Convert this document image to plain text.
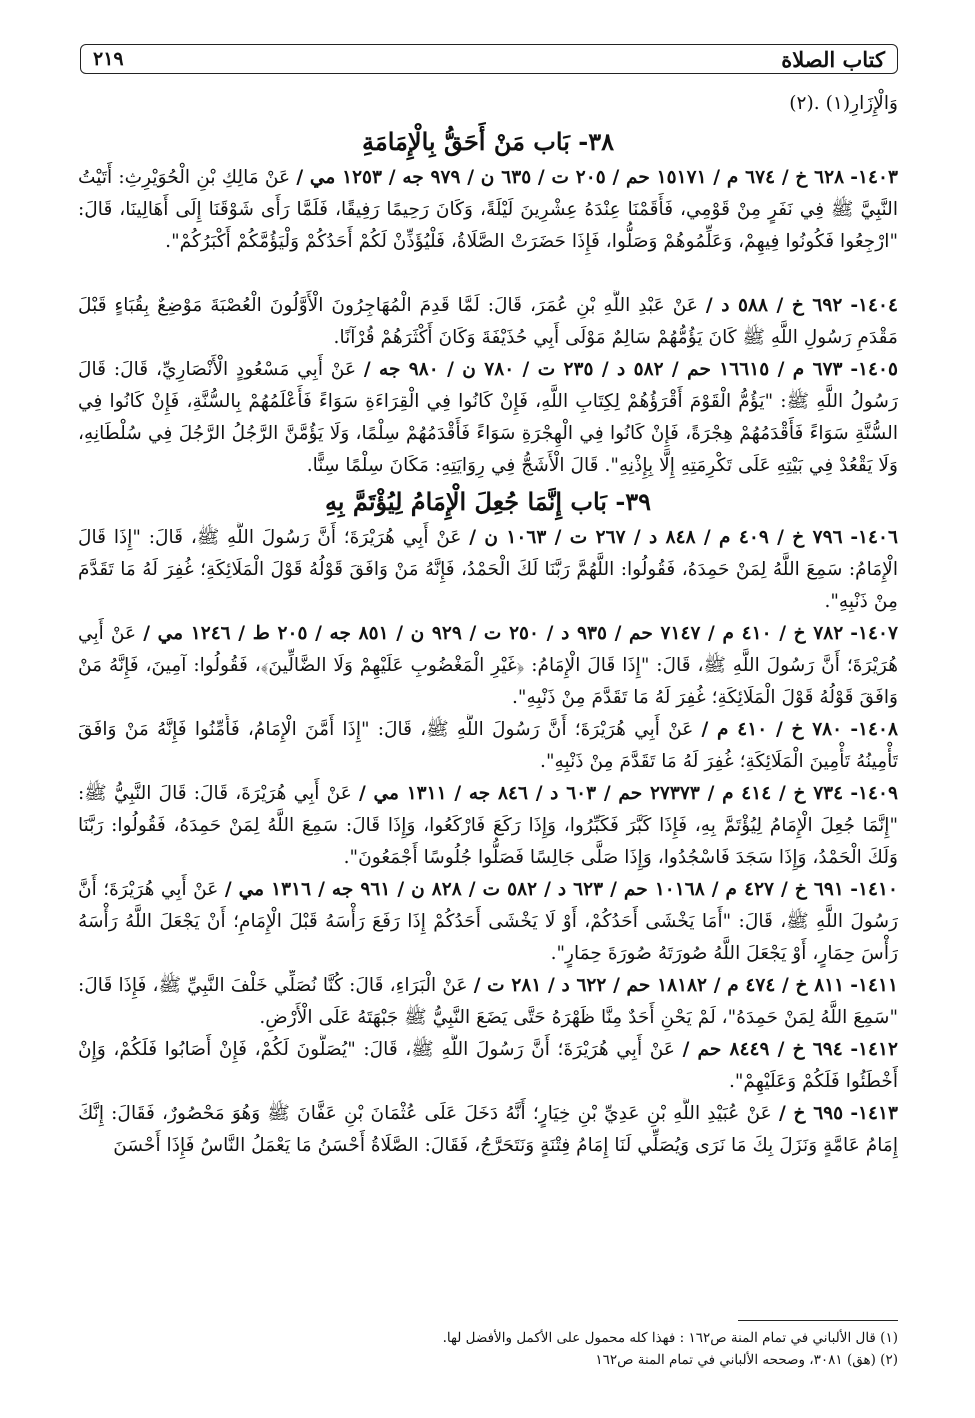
٢١٩	كتاب الصلاة

وَالْإِزَارِ(١) .(٢)

٣٨- بَاب مَنْ أَحَقُّ بِالْإِمَامَةِ

١٤٠٣- ٦٢٨ خ / ٦٧٤ م / ١٥١٧١ حم / ٢٠٥ ت / ٦٣٥ ن / ٩٧٩ جه / ١٢٥٣ مي / عَنْ مَالِكِ بْنِ الْحُوَيْرِثِ: أَتَيْتُ النَّبِيَّ ﷺ فِي نَفَرٍ مِنْ قَوْمِي، فَأَقَمْنَا عِنْدَهُ عِشْرِينَ لَيْلَةً، وَكَانَ رَحِيمًا رَفِيقًا، فَلَمَّا رَأَى شَوْقَنَا إِلَى أَهَالِينَا، قَالَ: "ارْجِعُوا فَكُونُوا فِيهِمْ، وَعَلِّمُوهُمْ وَصَلُّوا، فَإِذَا حَضَرَتْ الصَّلَاةُ، فَلْيُؤَذِّنْ لَكُمْ أَحَدُكُمْ وَلْيَؤُمَّكُمْ أَكْبَرُكُمْ".

١٤٠٤- ٦٩٢ خ / ٥٨٨ د / عَنْ عَبْدِ اللَّهِ بْنِ عُمَرَ، قَالَ: لَمَّا قَدِمَ الْمُهَاجِرُونَ الْأَوَّلُونَ الْعُصْبَةَ مَوْضِعٌ بِقُبَاءٍ قَبْلَ مَقْدَمِ رَسُولِ اللَّهِ ﷺ كَانَ يَؤُمُّهُمْ سَالِمٌ مَوْلَى أَبِي حُذَيْفَةَ وَكَانَ أَكْثَرَهُمْ قُرْآنًا.

١٤٠٥- ٦٧٣ م / ١٦٦١٥ حم / ٥٨٢ د / ٢٣٥ ت / ٧٨٠ ن / ٩٨٠ جه / عَنْ أَبِي مَسْعُودٍ الْأَنْصَارِيِّ، قَالَ: قَالَ رَسُولُ اللَّهِ ﷺ: "يَؤُمُّ الْقَوْمَ أَقْرَؤُهُمْ لِكِتَابِ اللَّهِ، فَإِنْ كَانُوا فِي الْقِرَاءَةِ سَوَاءً فَأَعْلَمُهُمْ بِالسُّنَّةِ، فَإِنْ كَانُوا فِي السُّنَّةِ سَوَاءً فَأَقْدَمُهُمْ هِجْرَةً، فَإِنْ كَانُوا فِي الْهِجْرَةِ سَوَاءً فَأَقْدَمُهُمْ سِلْمًا، وَلَا يَؤُمَّنَّ الرَّجُلُ الرَّجُلَ فِي سُلْطَانِهِ، وَلَا يَقْعُدْ فِي بَيْتِهِ عَلَى تَكْرِمَتِهِ إِلَّا بِإِذْنِهِ". قَالَ الْأَشَجُّ فِي رِوَايَتِهِ: مَكَانَ سِلْمًا سِنًّا.

٣٩- بَاب إِنَّمَا جُعِلَ الْإِمَامُ لِيُؤْتَمَّ بِهِ

١٤٠٦- ٧٩٦ خ / ٤٠٩ م / ٨٤٨ د / ٢٦٧ ت / ١٠٦٣ ن / عَنْ أَبِي هُرَيْرَةَ؛ أَنَّ رَسُولَ اللَّهِ ﷺ، قَالَ: "إِذَا قَالَ الْإِمَامُ: سَمِعَ اللَّهُ لِمَنْ حَمِدَهُ، فَقُولُوا: اللَّهُمَّ رَبَّنَا لَكَ الْحَمْدُ، فَإِنَّهُ مَنْ وَافَقَ قَوْلُهُ قَوْلَ الْمَلَائِكَةِ؛ غُفِرَ لَهُ مَا تَقَدَّمَ مِنْ ذَنْبِهِ".

١٤٠٧- ٧٨٢ خ / ٤١٠ م / ٧١٤٧ حم / ٩٣٥ د / ٢٥٠ ت / ٩٢٩ ن / ٨٥١ جه / ٢٠٥ ط / ١٢٤٦ مي / عَنْ أَبِي هُرَيْرَةَ؛ أَنَّ رَسُولَ اللَّهِ ﷺ، قَالَ: "إِذَا قَالَ الْإِمَامُ: ﴿غَيْرِ الْمَغْضُوبِ عَلَيْهِمْ وَلَا الضَّالِّينَ﴾، فَقُولُوا: آمِينَ، فَإِنَّهُ مَنْ وَافَقَ قَوْلُهُ قَوْلَ الْمَلَائِكَةِ؛ غُفِرَ لَهُ مَا تَقَدَّمَ مِنْ ذَنْبِهِ".

١٤٠٨- ٧٨٠ خ / ٤١٠ م / عَنْ أَبِي هُرَيْرَةَ؛ أَنَّ رَسُولَ اللَّهِ ﷺ، قَالَ: "إِذَا أَمَّنَ الْإِمَامُ، فَأَمِّنُوا فَإِنَّهُ مَنْ وَافَقَ تَأْمِينُهُ تَأْمِينَ الْمَلَائِكَةِ؛ غُفِرَ لَهُ مَا تَقَدَّمَ مِنْ ذَنْبِهِ".

١٤٠٩- ٧٣٤ خ / ٤١٤ م / ٢٧٣٧٣ حم / ٦٠٣ د / ٨٤٦ جه / ١٣١١ مي / عَنْ أَبِي هُرَيْرَةَ، قَالَ: قَالَ النَّبِيُّ ﷺ: "إِنَّمَا جُعِلَ الْإِمَامُ لِيُؤْتَمَّ بِهِ، فَإِذَا كَبَّرَ فَكَبِّرُوا، وَإِذَا رَكَعَ فَارْكَعُوا، وَإِذَا قَالَ: سَمِعَ اللَّهُ لِمَنْ حَمِدَهُ، فَقُولُوا: رَبَّنَا وَلَكَ الْحَمْدُ، وَإِذَا سَجَدَ فَاسْجُدُوا، وَإِذَا صَلَّى جَالِسًا فَصَلُّوا جُلُوسًا أَجْمَعُونَ".

١٤١٠- ٦٩١ خ / ٤٢٧ م / ١٠١٦٨ حم / ٦٢٣ د / ٥٨٢ ت / ٨٢٨ ن / ٩٦١ جه / ١٣١٦ مي / عَنْ أَبِي هُرَيْرَةَ؛ أَنَّ رَسُولَ اللَّهِ ﷺ، قَالَ: "أَمَا يَخْشَى أَحَدُكُمْ، أَوْ لَا يَخْشَى أَحَدُكُمْ إِذَا رَفَعَ رَأْسَهُ قَبْلَ الْإِمَامِ؛ أَنْ يَجْعَلَ اللَّهُ رَأْسَهُ رَأْسَ حِمَارٍ، أَوْ يَجْعَلَ اللَّهُ صُورَتَهُ صُورَةَ حِمَارٍ".

١٤١١- ٨١١ خ / ٤٧٤ م / ١٨١٨٢ حم / ٦٢٢ د / ٢٨١ ت / عَنْ الْبَرَاءِ، قَالَ: كُنَّا نُصَلِّي خَلْفَ النَّبِيِّ ﷺ، فَإِذَا قَالَ: "سَمِعَ اللَّهُ لِمَنْ حَمِدَهُ"، لَمْ يَحْنِ أَحَدٌ مِنَّا ظَهْرَهُ حَتَّى يَضَعَ النَّبِيُّ ﷺ جَبْهَتَهُ عَلَى الْأَرْضِ.

١٤١٢- ٦٩٤ خ / ٨٤٤٩ حم / عَنْ أَبِي هُرَيْرَةَ؛ أَنَّ رَسُولَ اللَّهِ ﷺ، قَالَ: "يُصَلُّونَ لَكُمْ، فَإِنْ أَصَابُوا فَلَكُمْ، وَإِنْ أَخْطَئُوا فَلَكُمْ وَعَلَيْهِمْ".

١٤١٣- ٦٩٥ خ / عَنْ عُبَيْدِ اللَّهِ بْنِ عَدِيِّ بْنِ خِيَارٍ؛ أَنَّهُ دَخَلَ عَلَى عُثْمَانَ بْنِ عَفَّانَ ﷺ وَهُوَ مَحْصُورٌ، فَقَالَ: إِنَّكَ إِمَامُ عَامَّةٍ وَنَزَلَ بِكَ مَا نَرَى وَيُصَلِّي لَنَا إِمَامُ فِتْنَةٍ وَنَتَحَرَّجُ، فَقَالَ: الصَّلَاةُ أَحْسَنُ مَا يَعْمَلُ النَّاسُ فَإِذَا أَحْسَنَ

(١) قال الألباني في تمام المنة ص١٦٢ : فهذا كله محمول على الأكمل والأفضل لها.

(٢) (هق) ٣٠٨١، وصححه الألباني في تمام المنة ص١٦٢
